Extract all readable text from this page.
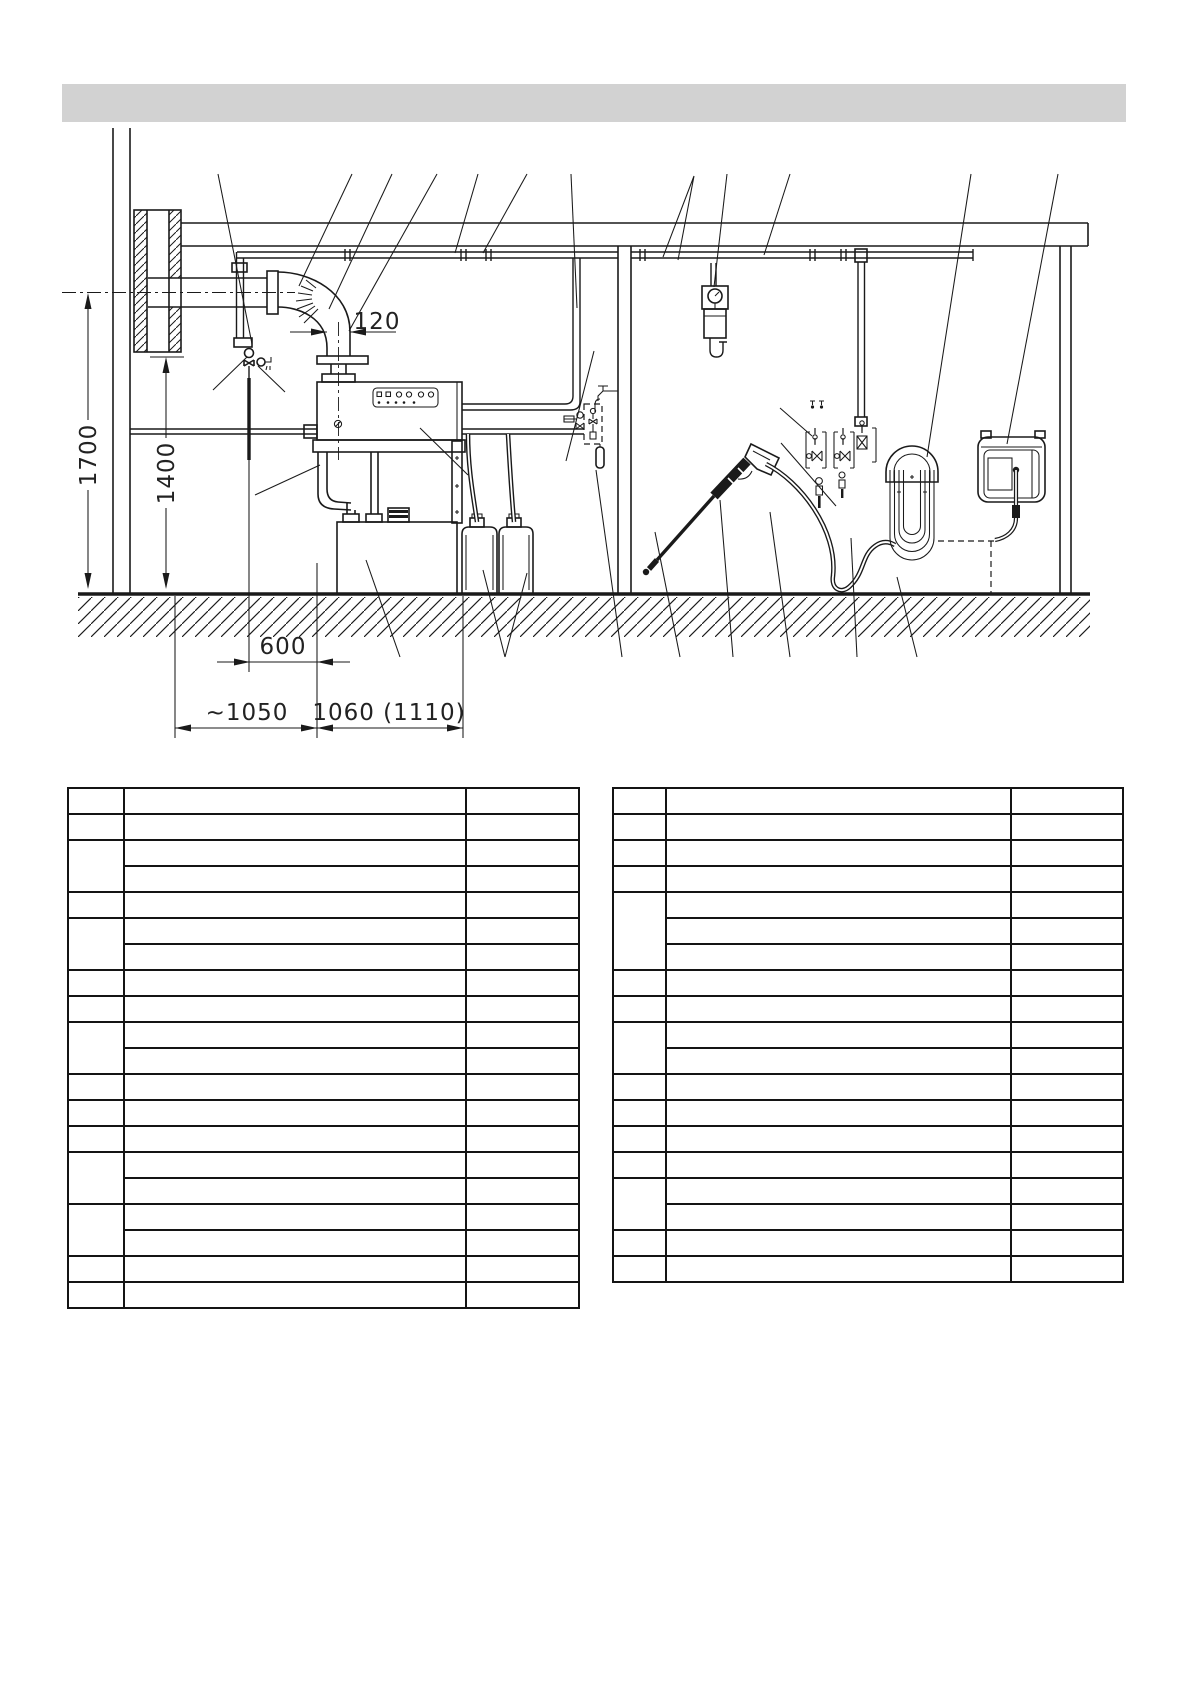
1700 1400
120
600
~1050 1060 (1110)
